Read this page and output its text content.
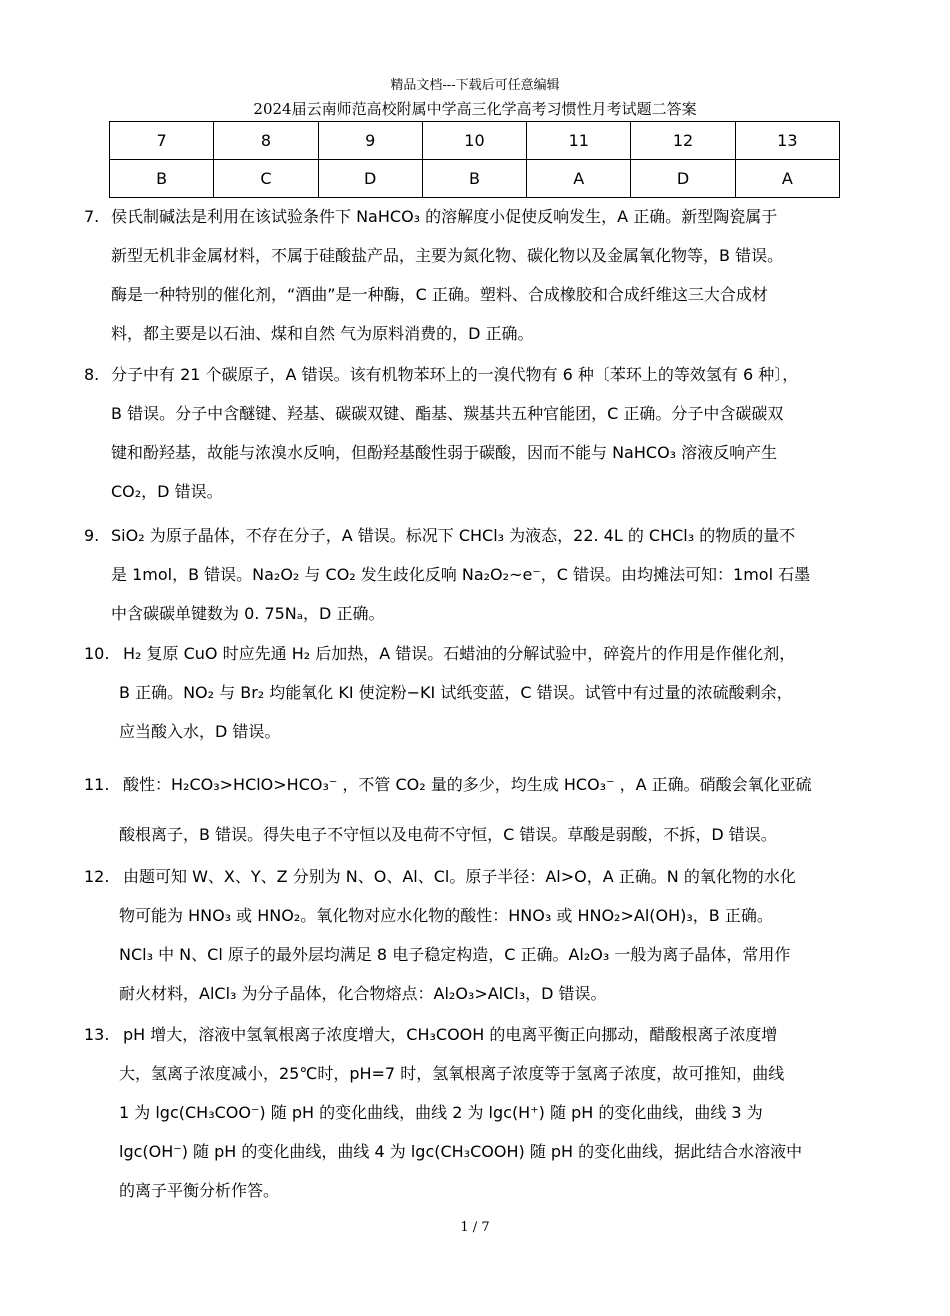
精品文档---下载后可任意编辑
2024届云南师范高校附属中学高三化学高考习惯性月考试题二答案
7	8	9	10	11	12	13
B	C	D	B	A	D	A
7. 侯氏制碱法是利用在该试验条件下 NaHCO₃ 的溶解度小促使反响发生，A 正确。新型陶瓷属于
新型无机非金属材料，不属于硅酸盐产品，主要为氮化物、碳化物以及金属氧化物等，B 错误。
酶是一种特别的催化剂，“酒曲”是一种酶，C 正确。塑料、合成橡胶和合成纤维这三大合成材
料，都主要是以石油、煤和自然 气为原料消费的，D 正确。
8. 分子中有 21 个碳原子，A 错误。该有机物苯环上的一溴代物有 6 种〔苯环上的等效氢有 6 种〕，
B 错误。分子中含醚键、羟基、碳碳双键、酯基、羰基共五种官能团，C 正确。分子中含碳碳双
键和酚羟基，故能与浓溴水反响，但酚羟基酸性弱于碳酸，因而不能与 NaHCO₃ 溶液反响产生
CO₂，D 错误。
9. SiO₂ 为原子晶体，不存在分子，A 错误。标况下 CHCl₃ 为液态，22. 4L 的 CHCl₃ 的物质的量不
是 1mol，B 错误。Na₂O₂ 与 CO₂ 发生歧化反响 Na₂O₂~e⁻，C 错误。由均摊法可知：1mol 石墨
中含碳碳单键数为 0. 75Nₐ，D 正确。
10. H₂ 复原 CuO 时应先通 H₂ 后加热，A 错误。石蜡油的分解试验中，碎瓷片的作用是作催化剂，
B 正确。NO₂ 与 Br₂ 均能氧化 KI 使淀粉−KI 试纸变蓝，C 错误。试管中有过量的浓硫酸剩余，
应当酸入水，D 错误。
11. 酸性：H₂CO₃>HClO>HCO₃⁻ ，不管 CO₂ 量的多少，均生成 HCO₃⁻ ，A 正确。硝酸会氧化亚硫
酸根离子，B 错误。得失电子不守恒以及电荷不守恒，C 错误。草酸是弱酸，不拆，D 错误。
12. 由题可知 W、X、Y、Z 分别为 N、O、Al、Cl。原子半径：Al>O，A 正确。N 的氧化物的水化
物可能为 HNO₃ 或 HNO₂。氧化物对应水化物的酸性：HNO₃ 或 HNO₂>Al(OH)₃，B 正确。
NCl₃ 中 N、Cl 原子的最外层均满足 8 电子稳定构造，C 正确。Al₂O₃ 一般为离子晶体，常用作
耐火材料，AlCl₃ 为分子晶体，化合物熔点：Al₂O₃>AlCl₃，D 错误。
13. pH 增大，溶液中氢氧根离子浓度增大，CH₃COOH 的电离平衡正向挪动，醋酸根离子浓度增
大，氢离子浓度减小，25℃时，pH=7 时，氢氧根离子浓度等于氢离子浓度，故可推知，曲线
1 为 lgc(CH₃COO⁻) 随 pH 的变化曲线，曲线 2 为 lgc(H⁺) 随 pH 的变化曲线，曲线 3 为
lgc(OH⁻) 随 pH 的变化曲线，曲线 4 为 lgc(CH₃COOH) 随 pH 的变化曲线，据此结合水溶液中
的离子平衡分析作答。
1 / 7
